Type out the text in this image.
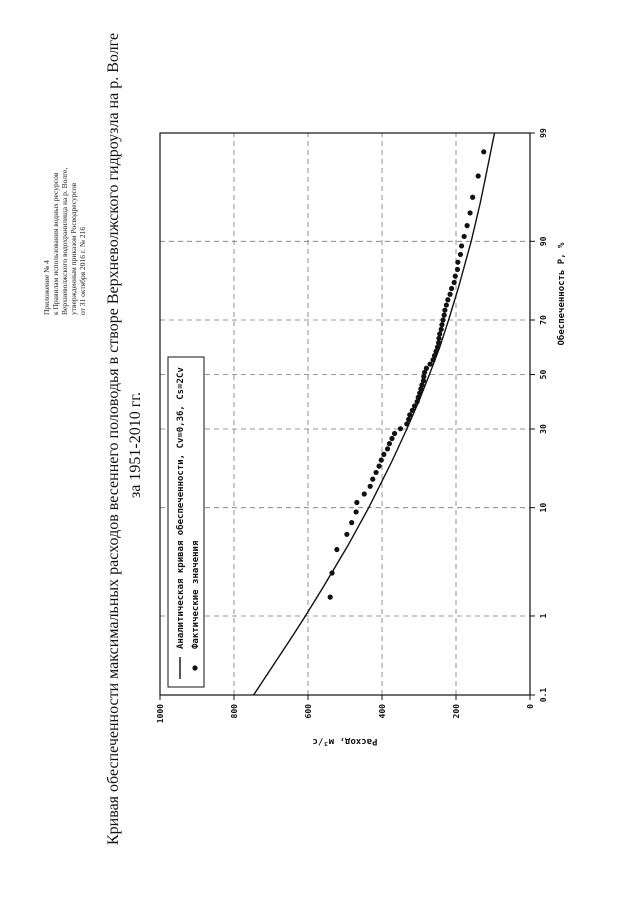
Приложение № 4 к Правилам использования водных ресурсов Верхневолжского водохранилища на р. Волге, утвержденным приказом Росводресурсов от 31 октября 2016 г. № 216 Кривая обеспеченности максимальных расходов весеннего половодья в створе Верхневолжского гидроузла на р. Волге за 1951-2010 гг.
0.1
1
10
30
50
70
90
99
0
200
400
600
800
1000
Обеспеченность P, %
Расход, м³/с
Аналитическая кривая обеспеченности, Cv=0,36, Cs=2Cv Фактические значения
